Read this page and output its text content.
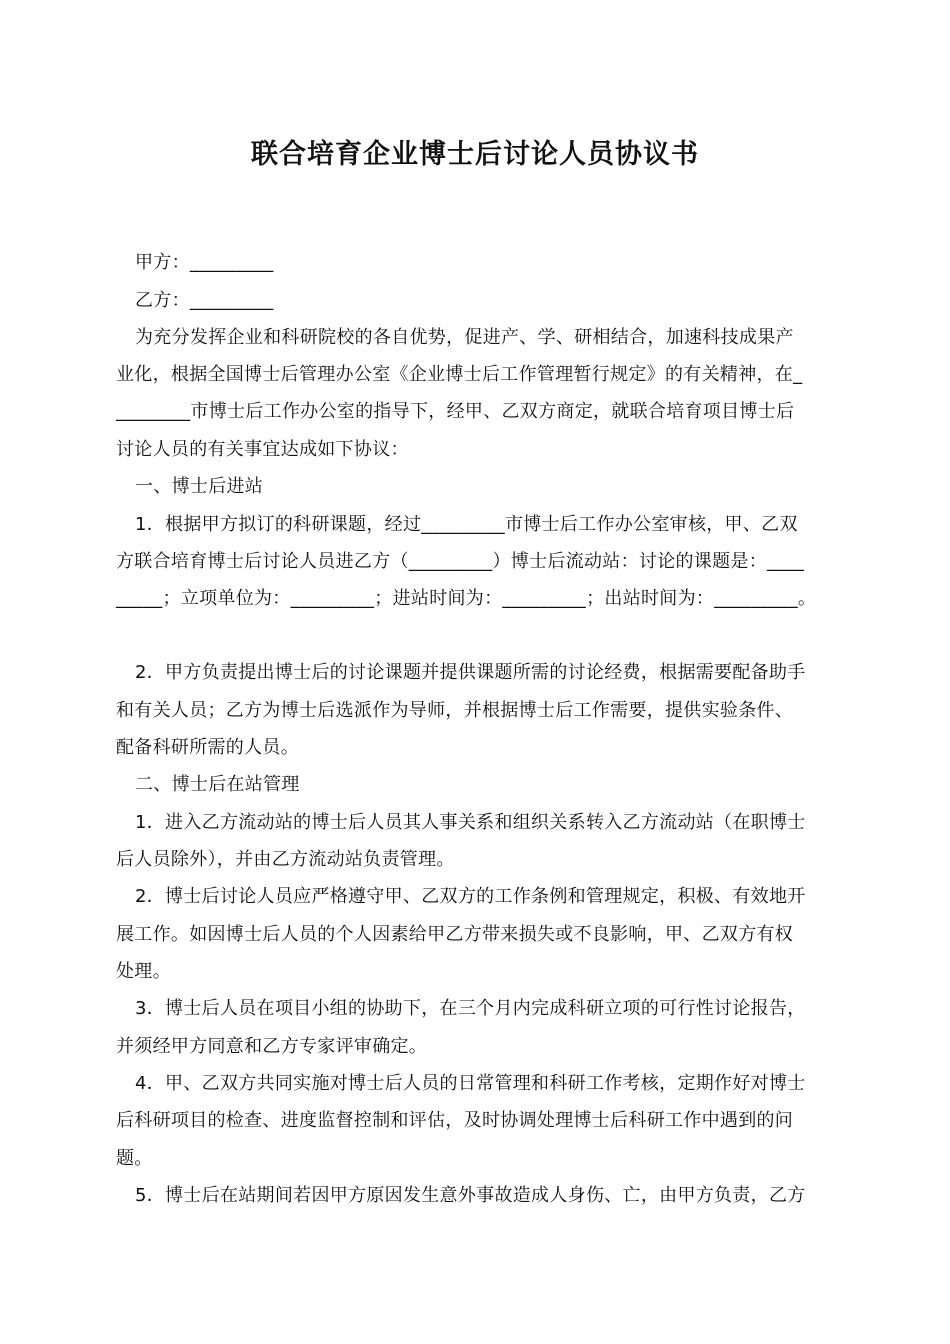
联合培育企业博士后讨论人员协议书
甲方：_________
乙方：_________
为充分发挥企业和科研院校的各自优势，促进产、学、研相结合，加速科技成果产
业化，根据全国博士后管理办公室《企业博士后工作管理暂行规定》的有关精神，在_
________市博士后工作办公室的指导下，经甲、乙双方商定，就联合培育项目博士后
讨论人员的有关事宜达成如下协议：
一、博士后进站
1．根据甲方拟订的科研课题，经过_________市博士后工作办公室审核，甲、乙双
方联合培育博士后讨论人员进乙方（_________）博士后流动站：讨论的课题是：____
_____；立项单位为：_________；进站时间为：_________；出站时间为：_________。
2．甲方负责提出博士后的讨论课题并提供课题所需的讨论经费，根据需要配备助手
和有关人员；乙方为博士后选派作为导师，并根据博士后工作需要，提供实验条件、
配备科研所需的人员。
二、博士后在站管理
1．进入乙方流动站的博士后人员其人事关系和组织关系转入乙方流动站（在职博士
后人员除外），并由乙方流动站负责管理。
2．博士后讨论人员应严格遵守甲、乙双方的工作条例和管理规定，积极、有效地开
展工作。如因博士后人员的个人因素给甲乙方带来损失或不良影响，甲、乙双方有权
处理。
3．博士后人员在项目小组的协助下，在三个月内完成科研立项的可行性讨论报告，
并须经甲方同意和乙方专家评审确定。
4．甲、乙双方共同实施对博士后人员的日常管理和科研工作考核，定期作好对博士
后科研项目的检查、进度监督控制和评估，及时协调处理博士后科研工作中遇到的问
题。
5．博士后在站期间若因甲方原因发生意外事故造成人身伤、亡，由甲方负责，乙方
